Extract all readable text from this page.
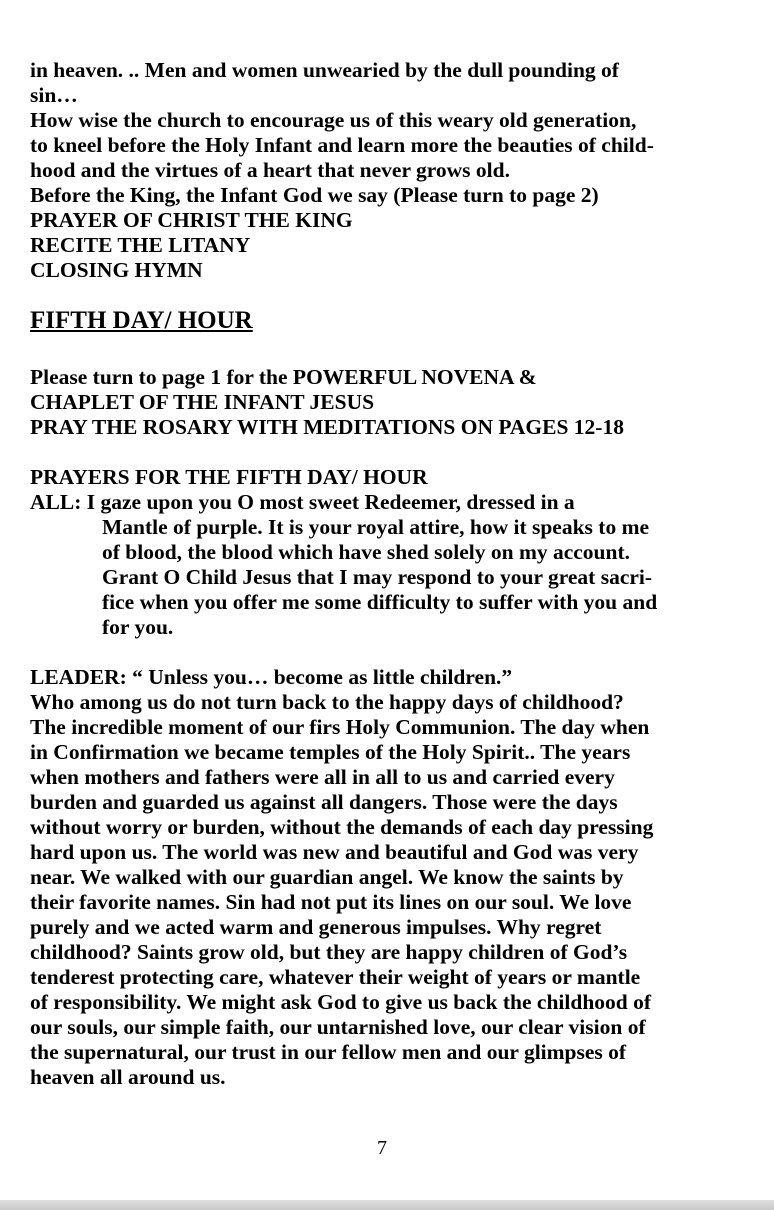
in heaven. .. Men and women unwearied by the dull pounding of
sin…
How wise the church to encourage us of this weary old generation,
to kneel before the Holy Infant and learn more the beauties of child-
hood and the virtues of a heart that never grows old.
Before the King, the Infant God we say (Please turn to page 2)
PRAYER OF CHRIST THE KING
RECITE THE LITANY
CLOSING HYMN
FIFTH DAY/ HOUR
Please turn to page 1 for the POWERFUL NOVENA &
CHAPLET OF THE INFANT JESUS
PRAY THE ROSARY WITH MEDITATIONS ON PAGES 12-18
PRAYERS FOR THE FIFTH DAY/ HOUR
ALL: I gaze upon you O most sweet Redeemer, dressed in a
Mantle of purple. It is your royal attire, how it speaks to me
of blood, the blood which have shed solely on my account.
Grant O Child Jesus that I may respond to your great sacri-
fice when you offer me some difficulty to suffer with you and
for you.
LEADER: “ Unless you… become as little children.”
Who among us do not turn back to the happy days of childhood?
The incredible moment of our firs Holy Communion. The day when
in Confirmation we became temples of the Holy Spirit.. The years
when mothers and fathers were all in all to us and carried every
burden and guarded us against all dangers. Those were the days
without worry or burden, without the demands of each day pressing
hard upon us. The world was new and beautiful and God was very
near. We walked with our guardian angel. We know the saints by
their favorite names. Sin had not put its lines on our soul. We love
purely and we acted warm and generous impulses. Why regret
childhood? Saints grow old, but they are happy children of God’s
tenderest protecting care, whatever their weight of years or mantle
of responsibility. We might ask God to give us back the childhood of
our souls, our simple faith, our untarnished love, our clear vision of
the supernatural, our trust in our fellow men and our glimpses of
heaven all around us.
7
